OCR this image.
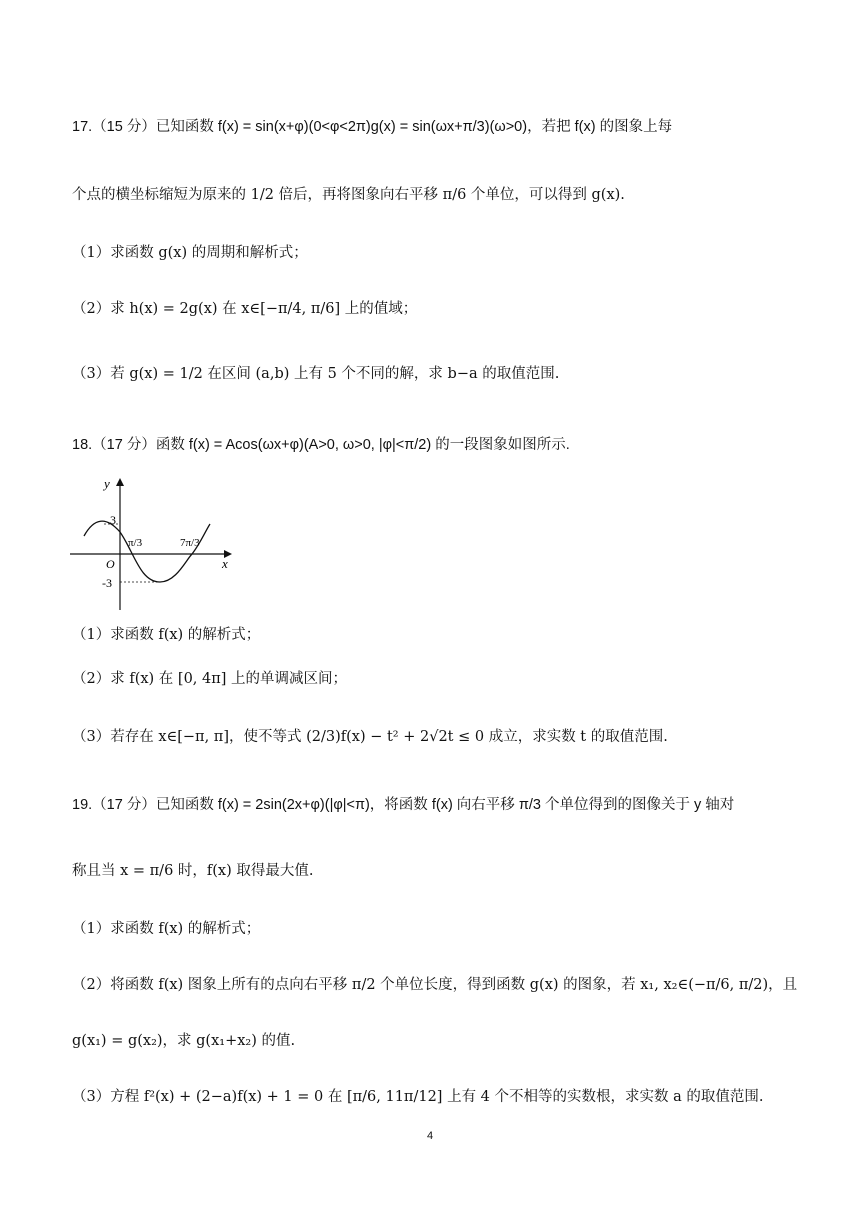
17.（15 分）已知函数 f(x) = sin(x+φ)(0<φ<2π)g(x) = sin(ωx+π/3)(ω>0)，若把 f(x) 的图象上每
个点的横坐标缩短为原来的 1/2 倍后，再将图象向右平移 π/6 个单位，可以得到 g(x).
（1）求函数 g(x) 的周期和解析式；
（2）求 h(x) = 2g(x) 在 x∈[−π/4, π/6] 上的值域；
（3）若 g(x) = 1/2 在区间 (a,b) 上有 5 个不同的解，求 b−a 的取值范围.
18.（17 分）函数 f(x) = Acos(ωx+φ)(A>0, ω>0, |φ|<π/2) 的一段图象如图所示.
y
x
O
3
-3
π/3	7π/3
（1）求函数 f(x) 的解析式；
（2）求 f(x) 在 [0, 4π] 上的单调减区间；
（3）若存在 x∈[−π, π]，使不等式 (2/3)f(x) − t² + 2√2t ≤ 0 成立，求实数 t 的取值范围.
19.（17 分）已知函数 f(x) = 2sin(2x+φ)(|φ|<π)，将函数 f(x) 向右平移 π/3 个单位得到的图像关于 y 轴对
称且当 x = π/6 时，f(x) 取得最大值.
（1）求函数 f(x) 的解析式；
（2）将函数 f(x) 图象上所有的点向右平移 π/2 个单位长度，得到函数 g(x) 的图象，若 x₁, x₂∈(−π/6, π/2)，且
g(x₁) = g(x₂)，求 g(x₁+x₂) 的值.
（3）方程 f²(x) + (2−a)f(x) + 1 = 0 在 [π/6, 11π/12] 上有 4 个不相等的实数根，求实数 a 的取值范围.
4
